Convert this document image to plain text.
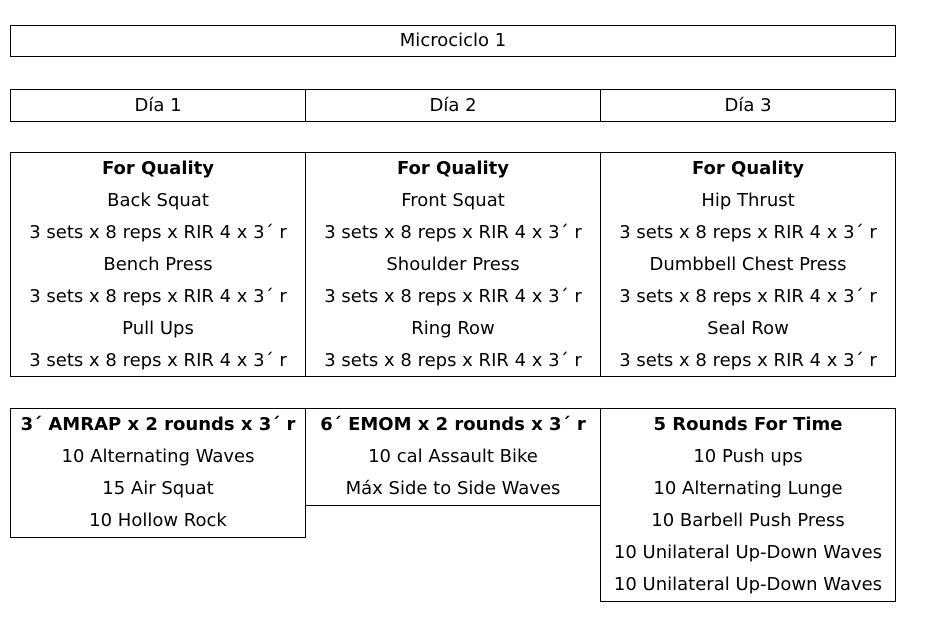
Microciclo 1
Día 1	Día 2	Día 3
For Quality
Back Squat
3 sets x 8 reps x RIR 4 x 3´ r
Bench Press
3 sets x 8 reps x RIR 4 x 3´ r
Pull Ups
3 sets x 8 reps x RIR 4 x 3´ r
For Quality
Front Squat
3 sets x 8 reps x RIR 4 x 3´ r
Shoulder Press
3 sets x 8 reps x RIR 4 x 3´ r
Ring Row
3 sets x 8 reps x RIR 4 x 3´ r
For Quality
Hip Thrust
3 sets x 8 reps x RIR 4 x 3´ r
Dumbbell Chest Press
3 sets x 8 reps x RIR 4 x 3´ r
Seal Row
3 sets x 8 reps x RIR 4 x 3´ r
3´ AMRAP x 2 rounds x 3´ r
10 Alternating Waves
15 Air Squat
10 Hollow Rock
6´ EMOM x 2 rounds x 3´ r
10 cal Assault Bike
Máx Side to Side Waves
5 Rounds For Time
10 Push ups
10 Alternating Lunge
10 Barbell Push Press
10 Unilateral Up-Down Waves
10 Unilateral Up-Down Waves
